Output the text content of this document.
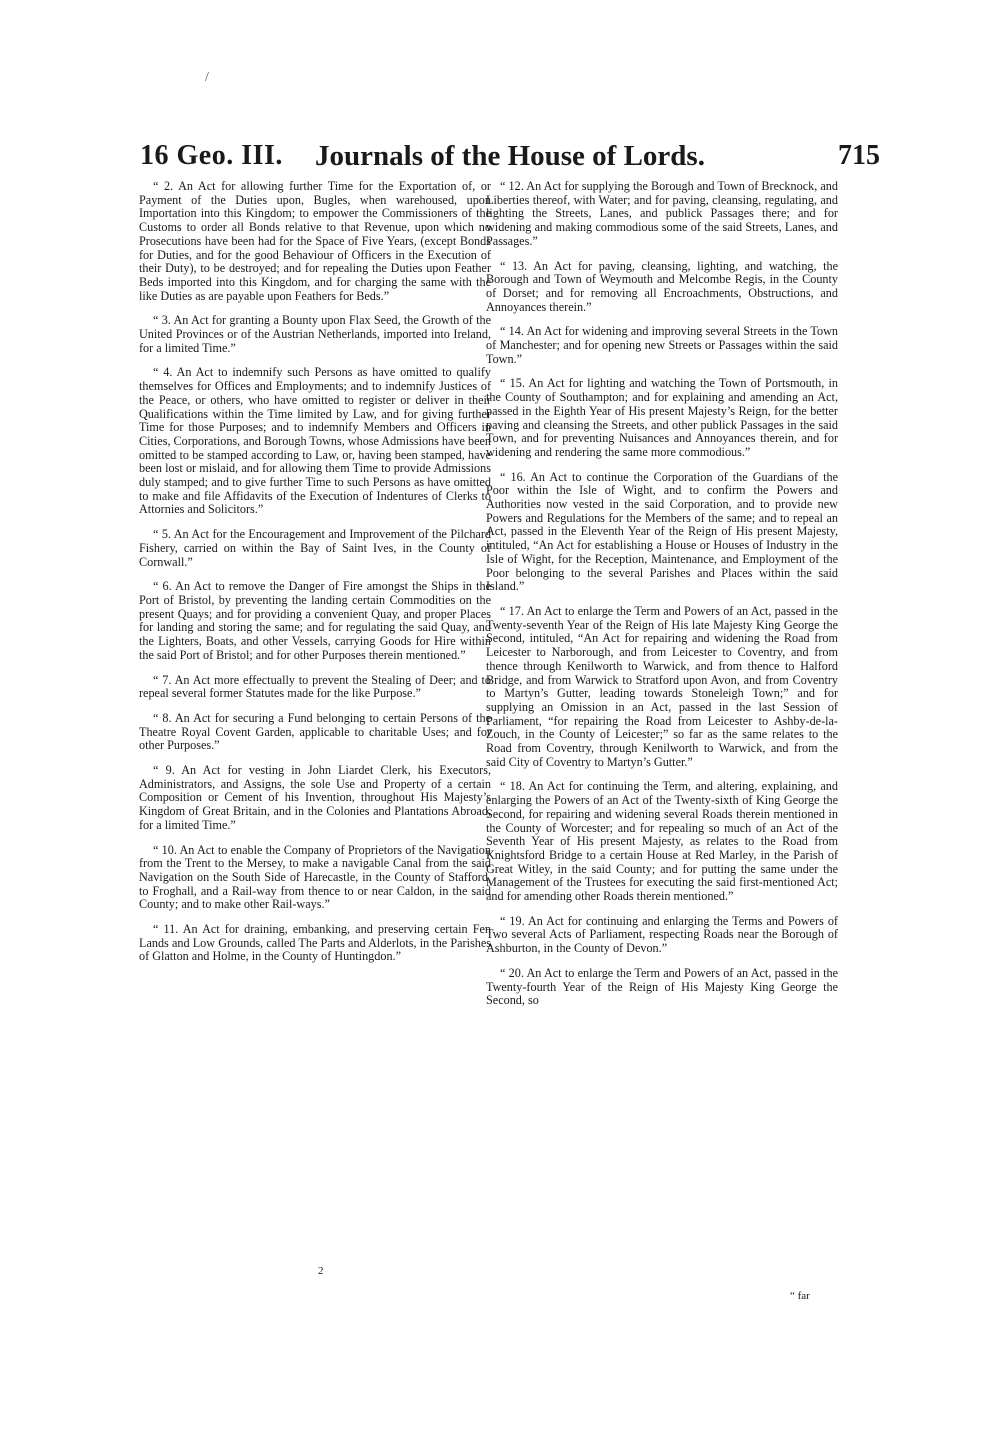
/
16 Geo. III.	Journals of the House of Lords.	715

“ 2. An Act for allowing further Time for the Exportation of, or Payment of the Duties upon, Bugles, when warehoused, upon Importation into this Kingdom; to empower the Commissioners of the Customs to order all Bonds relative to that Revenue, upon which no Prosecutions have been had for the Space of Five Years, (except Bonds for Duties, and for the good Behaviour of Officers in the Execution of their Duty), to be destroyed; and for repealing the Duties upon Feather Beds imported into this Kingdom, and for charging the same with the like Duties as are payable upon Feathers for Beds.”

“ 3. An Act for granting a Bounty upon Flax Seed, the Growth of the United Provinces or of the Austrian Netherlands, imported into Ireland, for a limited Time.”

“ 4. An Act to indemnify such Persons as have omitted to qualify themselves for Offices and Employments; and to indemnify Justices of the Peace, or others, who have omitted to register or deliver in their Qualifications within the Time limited by Law, and for giving further Time for those Purposes; and to indemnify Members and Officers in Cities, Corporations, and Borough Towns, whose Admissions have been omitted to be stamped according to Law, or, having been stamped, have been lost or mislaid, and for allowing them Time to provide Admissions duly stamped; and to give further Time to such Persons as have omitted to make and file Affidavits of the Execution of Indentures of Clerks to Attornies and Solicitors.”

“ 5. An Act for the Encouragement and Improvement of the Pilchard Fishery, carried on within the Bay of Saint Ives, in the County of Cornwall.”

“ 6. An Act to remove the Danger of Fire amongst the Ships in the Port of Bristol, by preventing the landing certain Commodities on the present Quays; and for providing a convenient Quay, and proper Places for landing and storing the same; and for regulating the said Quay, and the Lighters, Boats, and other Vessels, carrying Goods for Hire within the said Port of Bristol; and for other Purposes therein mentioned.”

“ 7. An Act more effectually to prevent the Stealing of Deer; and to repeal several former Statutes made for the like Purpose.”

“ 8. An Act for securing a Fund belonging to certain Persons of the Theatre Royal Covent Garden, applicable to charitable Uses; and for other Purposes.”

“ 9. An Act for vesting in John Liardet Clerk, his Executors, Administrators, and Assigns, the sole Use and Property of a certain Composition or Cement of his Invention, throughout His Majesty’s Kingdom of Great Britain, and in the Colonies and Plantations Abroad, for a limited Time.”

“ 10. An Act to enable the Company of Proprietors of the Navigation from the Trent to the Mersey, to make a navigable Canal from the said Navigation on the South Side of Harecastle, in the County of Stafford, to Froghall, and a Rail-way from thence to or near Caldon, in the said County; and to make other Rail-ways.”

“ 11. An Act for draining, embanking, and preserving certain Fen Lands and Low Grounds, called The Parts and Alderlots, in the Parishes of Glatton and Holme, in the County of Huntingdon.”

“ 12. An Act for supplying the Borough and Town of Brecknock, and Liberties thereof, with Water; and for paving, cleansing, regulating, and lighting the Streets, Lanes, and publick Passages there; and for widening and making commodious some of the said Streets, Lanes, and Passages.”

“ 13. An Act for paving, cleansing, lighting, and watching, the Borough and Town of Weymouth and Melcombe Regis, in the County of Dorset; and for removing all Encroachments, Obstructions, and Annoyances therein.”

“ 14. An Act for widening and improving several Streets in the Town of Manchester; and for opening new Streets or Passages within the said Town.”

“ 15. An Act for lighting and watching the Town of Portsmouth, in the County of Southampton; and for explaining and amending an Act, passed in the Eighth Year of His present Majesty’s Reign, for the better paving and cleansing the Streets, and other publick Passages in the said Town, and for preventing Nuisances and Annoyances therein, and for widening and rendering the same more commodious.”

“ 16. An Act to continue the Corporation of the Guardians of the Poor within the Isle of Wight, and to confirm the Powers and Authorities now vested in the said Corporation, and to provide new Powers and Regulations for the Members of the same; and to repeal an Act, passed in the Eleventh Year of the Reign of His present Majesty, intituled, “An Act for establishing a House or Houses of Industry in the Isle of Wight, for the Reception, Maintenance, and Employment of the Poor belonging to the several Parishes and Places within the said Island.”

“ 17. An Act to enlarge the Term and Powers of an Act, passed in the Twenty-seventh Year of the Reign of His late Majesty King George the Second, intituled, “An Act for repairing and widening the Road from Leicester to Narborough, and from Leicester to Coventry, and from thence through Kenilworth to Warwick, and from thence to Halford Bridge, and from Warwick to Stratford upon Avon, and from Coventry to Martyn’s Gutter, leading towards Stoneleigh Town;” and for supplying an Omission in an Act, passed in the last Session of Parliament, “for repairing the Road from Leicester to Ashby-de-la-Zouch, in the County of Leicester;” so far as the same relates to the Road from Coventry, through Kenilworth to Warwick, and from the said City of Coventry to Martyn’s Gutter.”

“ 18. An Act for continuing the Term, and altering, explaining, and enlarging the Powers of an Act of the Twenty-sixth of King George the Second, for repairing and widening several Roads therein mentioned in the County of Worcester; and for repealing so much of an Act of the Seventh Year of His present Majesty, as relates to the Road from Knightsford Bridge to a certain House at Red Marley, in the Parish of Great Witley, in the said County; and for putting the same under the Management of the Trustees for executing the said first-mentioned Act; and for amending other Roads therein mentioned.”

“ 19. An Act for continuing and enlarging the Terms and Powers of Two several Acts of Parliament, respecting Roads near the Borough of Ashburton, in the County of Devon.”

“ 20. An Act to enlarge the Term and Powers of an Act, passed in the Twenty-fourth Year of the Reign of His Majesty King George the Second, so

2
“ far
